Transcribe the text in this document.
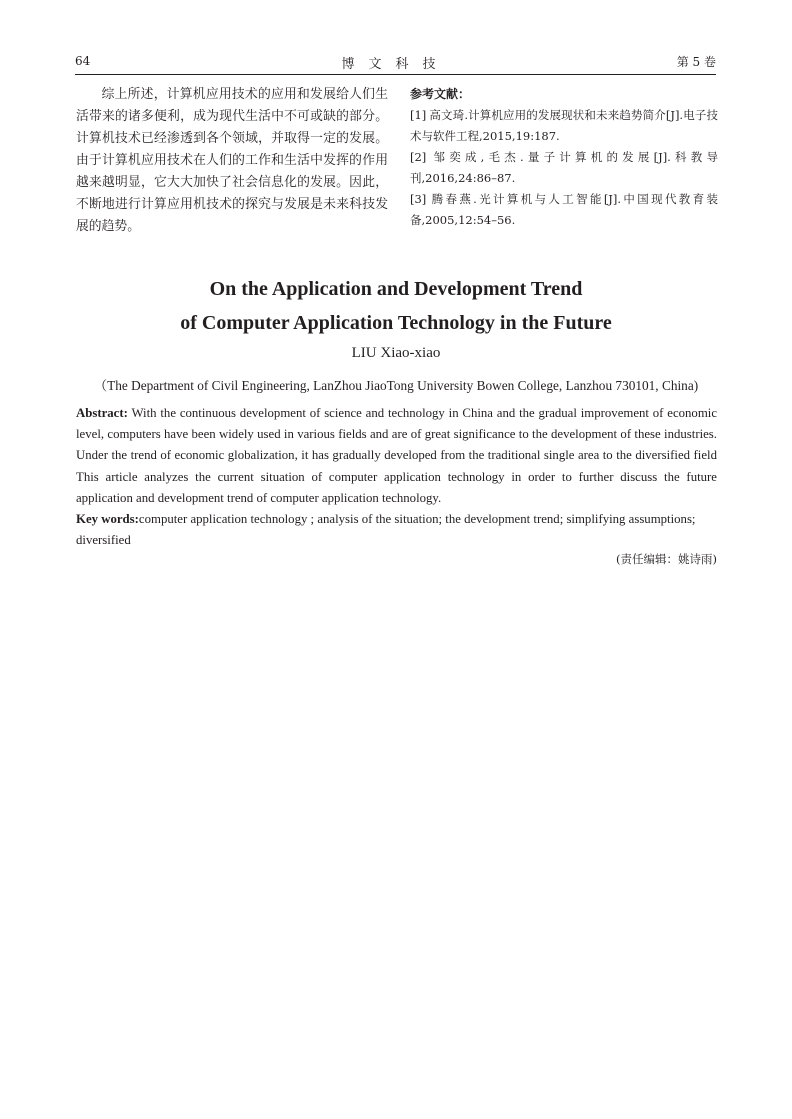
64	博文科技	第 5 卷
综上所述，计算机应用技术的应用和发展给人们生活带来的诸多便利，成为现代生活中不可或缺的部分。计算机技术已经渗透到各个领域，并取得一定的发展。由于计算机应用技术在人们的工作和生活中发挥的作用越来越明显，它大大加快了社会信息化的发展。因此，不断地进行计算应用机技术的探究与发展是未来科技发展的趋势。
参考文献：

[1] 高文琦.计算机应用的发展现状和未来趋势简介[J].电子技术与软件工程,2015,19:187.

[2] 邹奕成,毛杰.量子计算机的发展[J].科教导刊,2016,24:86–87.

[3] 腾春燕.光计算机与人工智能[J].中国现代教育装备,2005,12:54–56.

On the Application and Development Trend
of Computer Application Technology in the Future
LIU Xiao-xiao
（The Department of Civil Engineering, LanZhou JiaoTong University Bowen College, Lanzhou 730101, China)
Abstract: With the continuous development of science and technology in China and the gradual improvement of economic level, computers have been widely used in various fields and are of great significance to the development of these industries. Under the trend of economic globalization, it has gradually developed from the traditional single area to the diversified field This article analyzes the current situation of computer application technology in order to further discuss the future application and development trend of computer application technology.
Key words:computer application technology ; analysis of the situation; the development trend; simplifying assumptions; diversified
(责任编辑：姚诗雨)
